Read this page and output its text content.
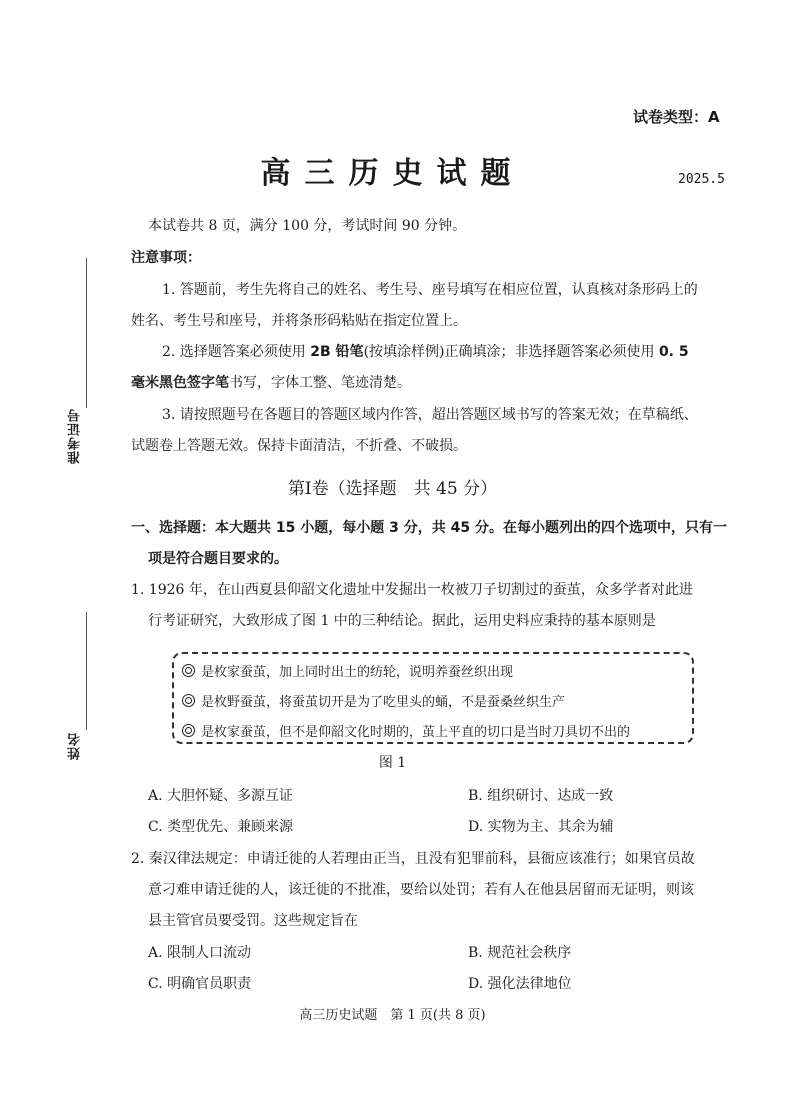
试卷类型：A
高三历史试题	2025.5
准考证号
姓名
本试卷共 8 页，满分 100 分，考试时间 90 分钟。
注意事项：
1. 答题前，考生先将自己的姓名、考生号、座号填写在相应位置，认真核对条形码上的
姓名、考生号和座号，并将条形码粘贴在指定位置上。
2. 选择题答案必须使用 2B 铅笔(按填涂样例)正确填涂；非选择题答案必须使用 0. 5
毫米黑色签字笔书写，字体工整、笔迹清楚。
3. 请按照题号在各题目的答题区域内作答，超出答题区域书写的答案无效；在草稿纸、
试题卷上答题无效。保持卡面清洁，不折叠、不破损。
第Ⅰ卷（选择题　共 45 分）
一、选择题：本大题共 15 小题，每小题 3 分，共 45 分。在每小题列出的四个选项中，只有一
项是符合题目要求的。
1. 1926 年，在山西夏县仰韶文化遗址中发掘出一枚被刀子切割过的蚕茧，众多学者对此进
行考证研究，大致形成了图 1 中的三种结论。据此，运用史料应秉持的基本原则是
是枚家蚕茧，加上同时出土的纺轮，说明养蚕丝织出现
是枚野蚕茧，将蚕茧切开是为了吃里头的蛹，不是蚕桑丝织生产
是枚家蚕茧，但不是仰韶文化时期的，茧上平直的切口是当时刀具切不出的
图 1
A. 大胆怀疑、多源互证	B. 组织研讨、达成一致
C. 类型优先、兼顾来源	D. 实物为主、其余为辅
2. 秦汉律法规定：申请迁徙的人若理由正当，且没有犯罪前科，县衙应该准行；如果官员故
意刁难申请迁徙的人，该迁徙的不批准，要给以处罚；若有人在他县居留而无证明，则该
县主管官员要受罚。这些规定旨在
A. 限制人口流动	B. 规范社会秩序
C. 明确官员职责	D. 强化法律地位
高三历史试题　第 1 页(共 8 页)
